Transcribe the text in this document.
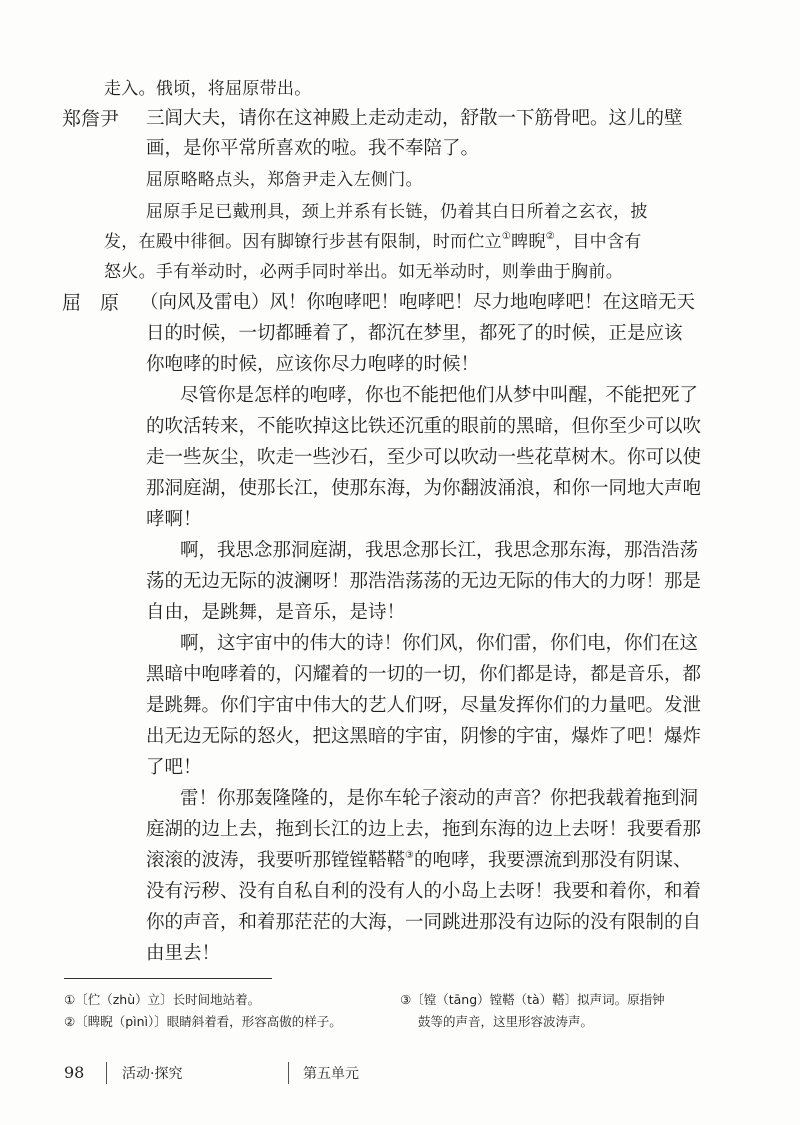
走入。俄顷，将屈原带出。
郑詹尹 三闾大夫，请你在这神殿上走动走动，舒散一下筋骨吧。这儿的壁
画，是你平常所喜欢的啦。我不奉陪了。
屈原略略点头，郑詹尹走入左侧门。
屈原手足已戴刑具，颈上并系有长链，仍着其白日所着之玄衣，披
发，在殿中徘徊。因有脚镣行步甚有限制，时而伫立①睥睨②，目中含有
怒火。手有举动时，必两手同时举出。如无举动时，则拳曲于胸前。
屈 原 （向风及雷电）风！你咆哮吧！咆哮吧！尽力地咆哮吧！在这暗无天
日的时候，一切都睡着了，都沉在梦里，都死了的时候，正是应该
你咆哮的时候，应该你尽力咆哮的时候！
尽管你是怎样的咆哮，你也不能把他们从梦中叫醒，不能把死了
的吹活转来，不能吹掉这比铁还沉重的眼前的黑暗，但你至少可以吹
走一些灰尘，吹走一些沙石，至少可以吹动一些花草树木。你可以使
那洞庭湖，使那长江，使那东海，为你翻波涌浪，和你一同地大声咆
哮啊！
啊，我思念那洞庭湖，我思念那长江，我思念那东海，那浩浩荡
荡的无边无际的波澜呀！那浩浩荡荡的无边无际的伟大的力呀！那是
自由，是跳舞，是音乐，是诗！
啊，这宇宙中的伟大的诗！你们风，你们雷，你们电，你们在这
黑暗中咆哮着的，闪耀着的一切的一切，你们都是诗，都是音乐，都
是跳舞。你们宇宙中伟大的艺人们呀，尽量发挥你们的力量吧。发泄
出无边无际的怒火，把这黑暗的宇宙，阴惨的宇宙，爆炸了吧！爆炸
了吧！
雷！你那轰隆隆的，是你车轮子滚动的声音？你把我载着拖到洞
庭湖的边上去，拖到长江的边上去，拖到东海的边上去呀！我要看那
滚滚的波涛，我要听那镗镗鞳鞳③的咆哮，我要漂流到那没有阴谋、
没有污秽、没有自私自利的没有人的小岛上去呀！我要和着你，和着
你的声音，和着那茫茫的大海，一同跳进那没有边际的没有限制的自
由里去！
①〔伫（zhù）立〕长时间地站着。
②〔睥睨（pìnì）〕眼睛斜着看，形容高傲的样子。
③〔镗（tāng）镗鞳（tà）鞳〕拟声词。原指钟
鼓等的声音，这里形容波涛声。
98	活动·探究	第五单元
